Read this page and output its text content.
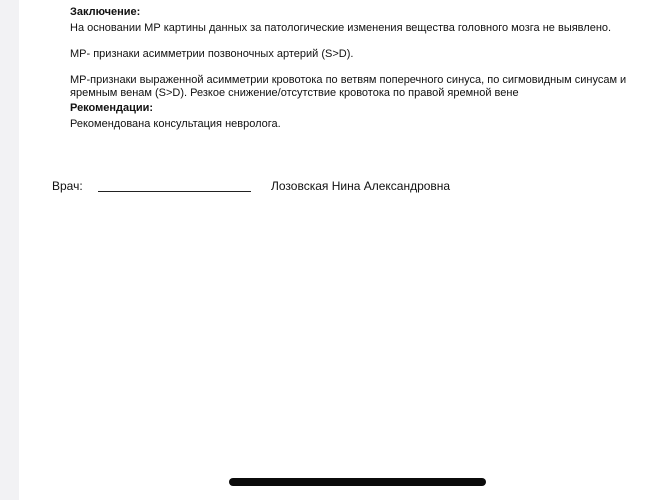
Заключение:
На основании МР картины данных за патологические изменения вещества головного мозга не выявлено.
МР- признаки асимметрии позвоночных артерий (S>D).
МР-признаки выраженной асимметрии кровотока по ветвям поперечного синуса, по сигмовидным синусам и яремным венам (S>D). Резкое снижение/отсутствие кровотока по правой яремной вене
Рекомендации:
Рекомендована консультация невролога.
Врач:	Лозовская Нина Александровна
